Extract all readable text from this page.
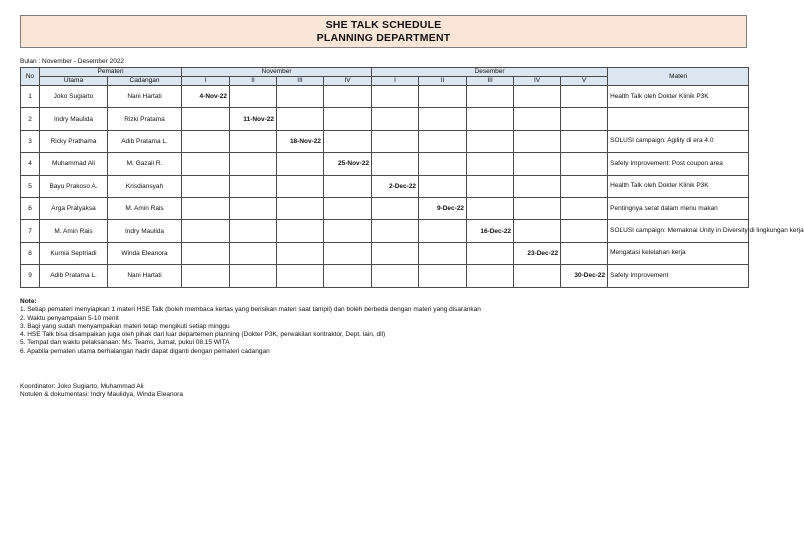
SHE TALK SCHEDULE
PLANNING DEPARTMENT
Bulan : November - Desember 2022
No	Pemateri		November				Desember					Materi
	Utama	Cadangan	I	II	III	IV	I	II	III	IV	V	
1	Joko Sugiarto	Nani Hartati	4-Nov-22									Health Talk oleh Dokter Klinik P3K
2	Indry Maulida	Rizki Pratama		11-Nov-22								
3	Ricky Prathama	Adib Pratama L.			18-Nov-22							SOLUSI campaign: Agility di era 4.0
4	Muhammad Ali	M. Gazali R.				25-Nov-22						Safety Improvement: Post coupon area
5	Bayu Prakoso A.	Krisdiansyah					2-Dec-22					Health Talk oleh Dokter Klinik P3K
6	Arga Pratyaksa	M. Amin Rais						9-Dec-22				Pentingnya serat dalam menu makan
7	M. Amin Rais	Indry Maulida							16-Dec-22			SOLUSI campaign: Memaknai Unity in Diversity di lingkungan kerja
8	Kurnia Septriadi	Winda Eleanora								23-Dec-22		Mengatasi kelelahan kerja
9	Adib Pratama L.	Nani Hartati									30-Dec-22	Safety Improvement
Note:
1. Setiap pemateri menyiapkan 1 materi HSE Talk (boleh membaca kertas yang berisikan materi saat tampil) dan boleh berbeda dengan materi yang disarankan
2. Waktu penyampaian 5-10 menit
3. Bagi yang sudah menyampaikan materi tetap mengikuti setiap minggu
4. HSE Talk bisa disampaikan juga oleh pihak dari luar departemen planning (Dokter P3K, perwakilan kontraktor, Dept. lain, dll)
5. Tempat dan waktu pelaksanaan: Ms. Teams, Jumat, pukul 08.15 WITA
6. Apabila pemateri utama berhalangan hadir dapat diganti dengan pemateri cadangan
Koordinator: Joko Sugiarto, Muhammad Ali
Notulen & dokumentasi: Indry Maulidya, Winda Eleanora
